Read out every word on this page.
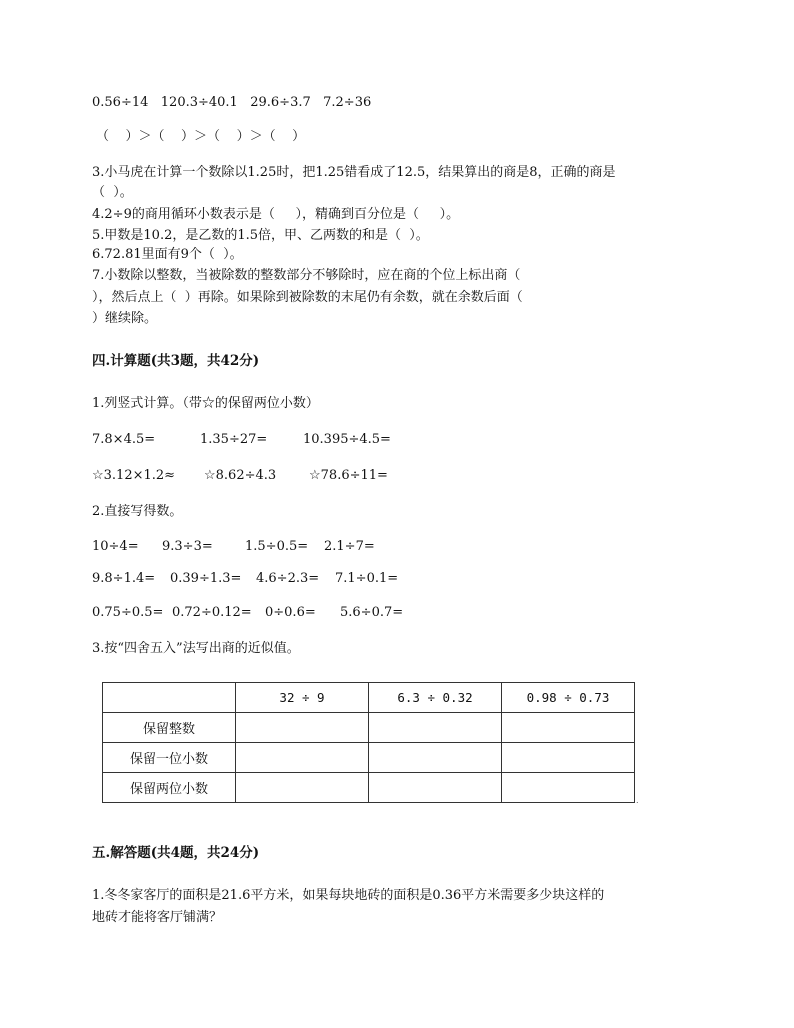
0.56÷14   120.3÷40.1   29.6÷3.7   7.2÷36
（    ）＞（    ）＞（    ）＞（    ）
3.小马虎在计算一个数除以1.25时，把1.25错看成了12.5，结果算出的商是8，正确的商是
（  ）。
4.2÷9的商用循环小数表示是（     ），精确到百分位是（     ）。
5.甲数是10.2，是乙数的1.5倍，甲、乙两数的和是（  ）。
6.72.81里面有9个（  ）。
7.小数除以整数，当被除数的整数部分不够除时，应在商的个位上标出商（
），然后点上（  ）再除。如果除到被除数的末尾仍有余数，就在余数后面（
）继续除。
四.计算题(共3题，共42分)
1.列竖式计算。（带☆的保留两位小数）
7.8×4.5=	1.35÷27=	10.395÷4.5=
☆3.12×1.2≈ ☆8.62÷4.3	☆78.6÷11=
2.直接写得数。
10÷4= 9.3÷3= 1.5÷0.5= 2.1÷7=
9.8÷1.4= 0.39÷1.3= 4.6÷2.3= 7.1÷0.1=
0.75÷0.5= 0.72÷0.12= 0÷0.6= 5.6÷0.7=
3.按“四舍五入”法写出商的近似值。
	32 ÷ 9	6.3 ÷ 0.32	0.98 ÷ 0.73
保留整数			
保留一位小数			
保留两位小数			
.
五.解答题(共4题，共24分)
1.冬冬家客厅的面积是21.6平方米，如果每块地砖的面积是0.36平方米需要多少块这样的
地砖才能将客厅铺满？
